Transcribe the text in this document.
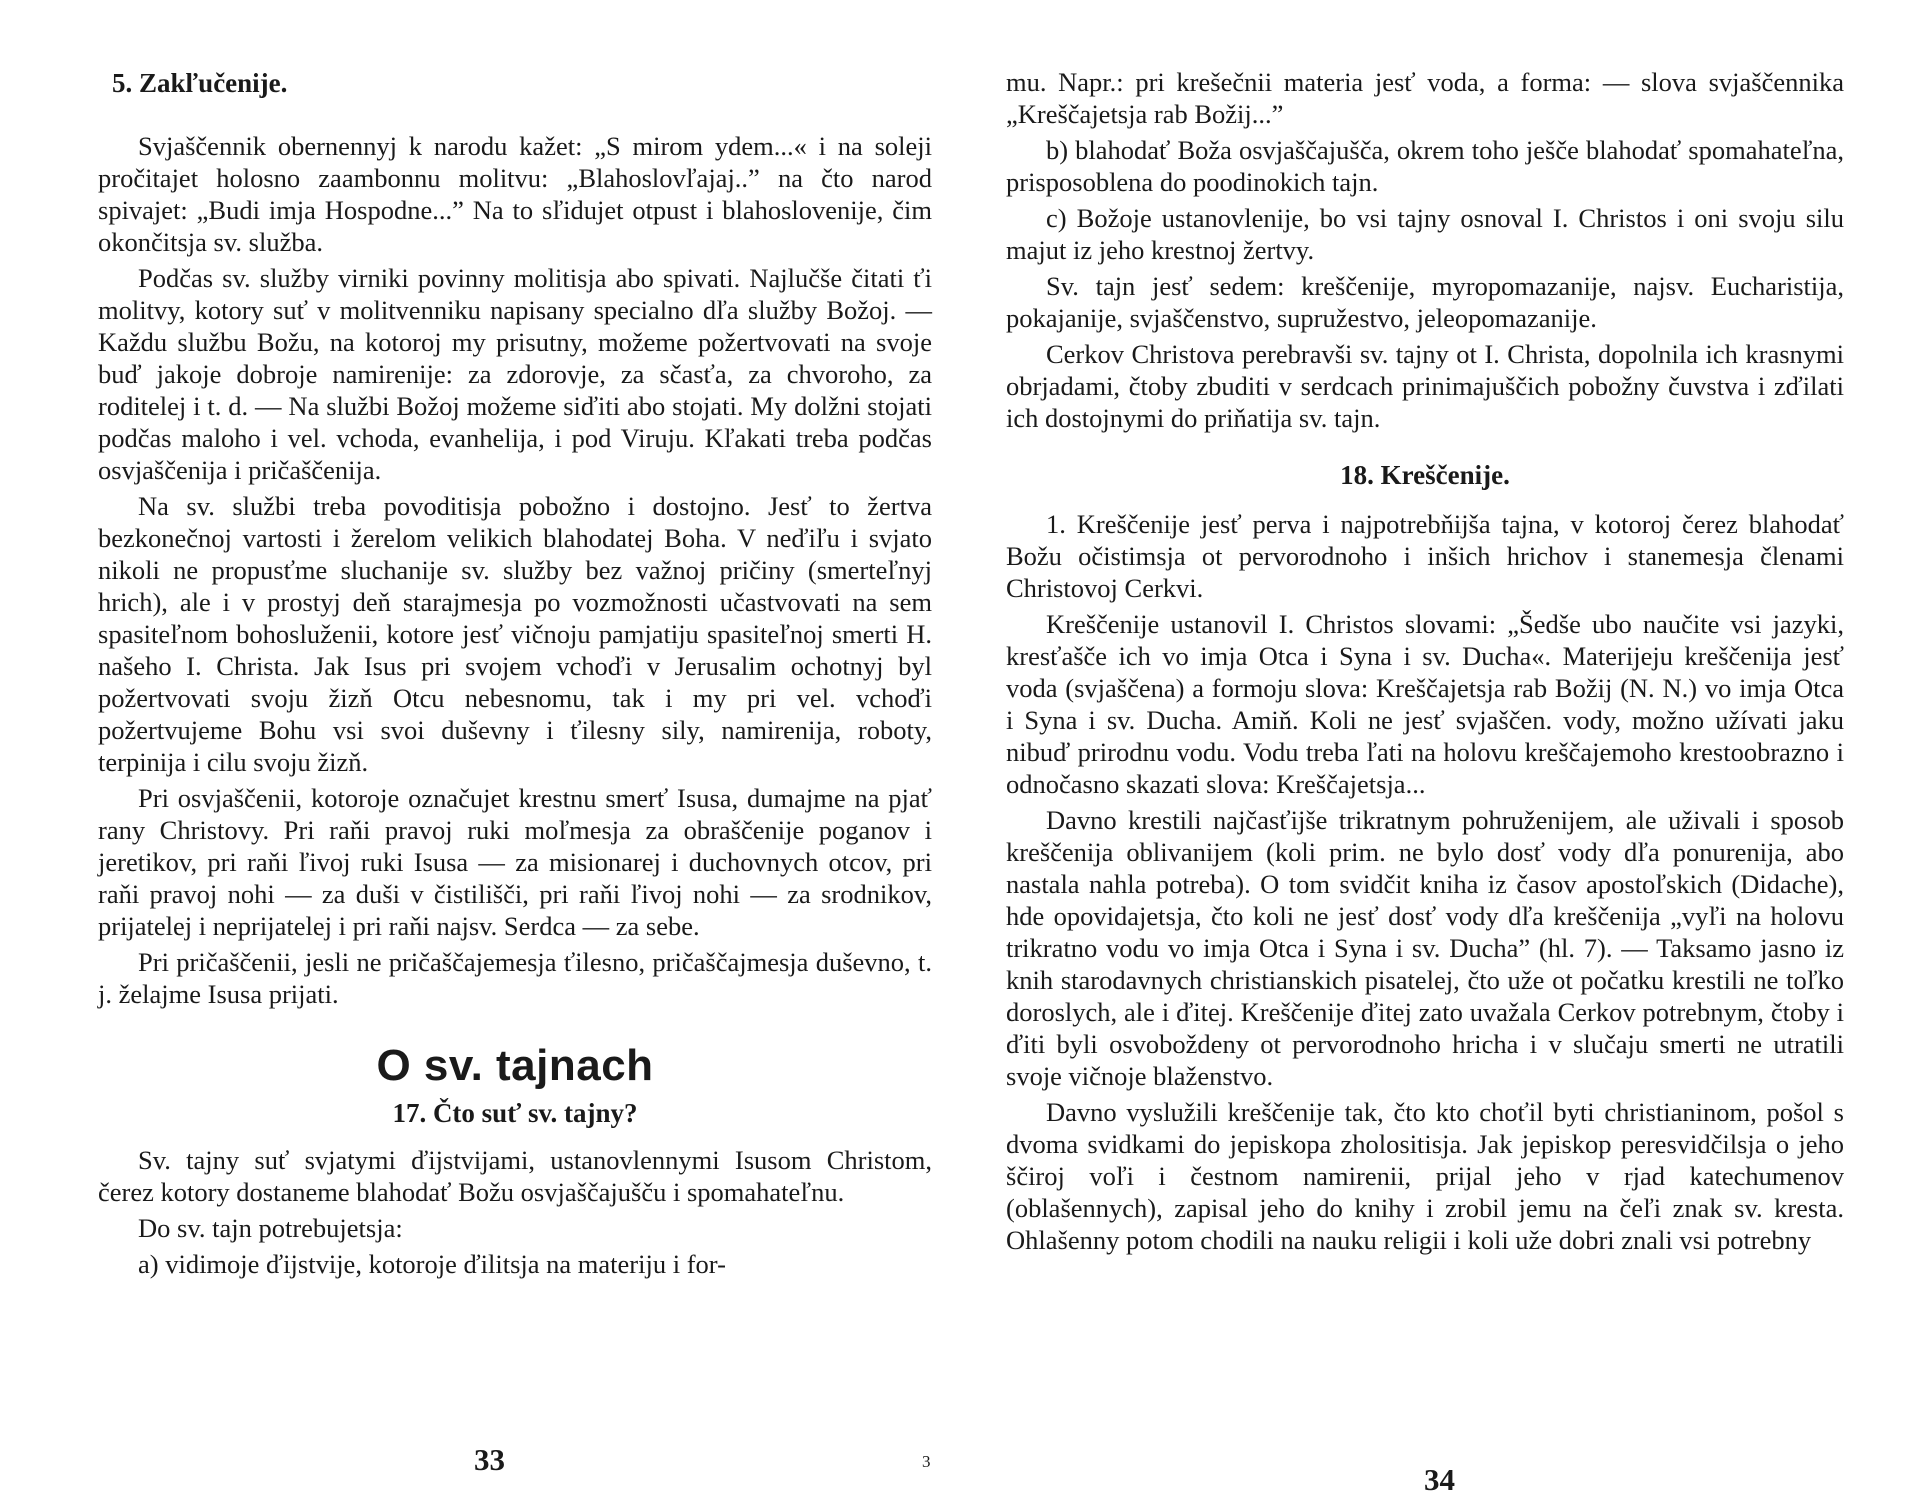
5. Zakľučenije.

Svjaščennik obernennyj k narodu kažet: „S mirom ydem...« i na soleji pročitajet holosno zaambonnu molitvu: „Blahoslovľajaj..” na čto narod spivajet: „Budi imja Hospodne...” Na to sľidujet otpust i blahoslovenije, čim okončitsja sv. služba.

Podčas sv. služby virniki povinny molitisja abo spivati. Najlučše čitati ťi molitvy, kotory suť v molitvenniku napisany specialno dľa služby Božoj. — Každu službu Božu, na kotoroj my prisutny, možeme požertvovati na svoje buď jakoje dobroje namirenije: za zdorovje, za sčasťa, za chvoroho, za roditelej i t. d. — Na službi Božoj možeme siďiti abo stojati. My dolžni stojati podčas maloho i vel. vchoda, evanhelija, i pod Viruju. Kľakati treba podčas osvjaščenija i pričaščenija.

Na sv. službi treba povoditisja pobožno i dostojno. Jesť to žertva bezkonečnoj vartosti i žerelom velikich blahodatej Boha. V neďiľu i svjato nikoli ne propusťme sluchanije sv. služby bez važnoj pričiny (smerteľnyj hrich), ale i v prostyj deň starajmesja po vozmožnosti učastvovati na sem spasiteľnom bohosluženii, kotore jesť vičnoju pamjatiju spasiteľnoj smerti H. našeho I. Christa. Jak Isus pri svojem vchoďi v Jerusalim ochotnyj byl požertvovati svoju žizň Otcu nebesnomu, tak i my pri vel. vchoďi požertvujeme Bohu vsi svoi duševny i ťilesny sily, namirenija, roboty, terpinija i cilu svoju žizň.

Pri osvjaščenii, kotoroje označujet krestnu smerť Isusa, dumajme na pjať rany Christovy. Pri raňi pravoj ruki moľmesja za obraščenije poganov i jeretikov, pri raňi ľivoj ruki Isusa — za misionarej i duchovnych otcov, pri raňi pravoj nohi — za duši v čistilišči, pri raňi ľivoj nohi — za srodnikov, prijatelej i neprijatelej i pri raňi najsv. Serdca — za sebe.

Pri pričaščenii, jesli ne pričaščajemesja ťilesno, pričaščajmesja duševno, t. j. želajme Isusa prijati.

O sv. tajnach
17. Čto suť sv. tajny?

Sv. tajny suť svjatymi ďijstvijami, ustanovlennymi Isusom Christom, čerez kotory dostaneme blahodať Božu osvjaščajušču i spomahateľnu.

Do sv. tajn potrebujetsja:

a) vidimoje ďijstvije, kotoroje ďilitsja na materiju i for-

33	3

mu. Napr.: pri krešečnii materia jesť voda, a forma: — slova svjaščennika „Kreščajetsja rab Božij...”

b) blahodať Boža osvjaščajušča, okrem toho ješče blahodať spomahateľna, prisposoblena do poodinokich tajn.

c) Božoje ustanovlenije, bo vsi tajny osnoval I. Christos i oni svoju silu majut iz jeho krestnoj žertvy.

Sv. tajn jesť sedem: kreščenije, myropomazanije, najsv. Eucharistija, pokajanije, svjaščenstvo, supružestvo, jeleopomazanije.

Cerkov Christova perebravši sv. tajny ot I. Christa, dopolnila ich krasnymi obrjadami, čtoby zbuditi v serdcach prinimajuščich pobožny čuvstva i zďilati ich dostojnymi do priňatija sv. tajn.

18. Kreščenije.

1. Kreščenije jesť perva i najpotrebňijša tajna, v kotoroj čerez blahodať Božu očistimsja ot pervorodnoho i inšich hrichov i stanemesja členami Christovoj Cerkvi.

Kreščenije ustanovil I. Christos slovami: „Šedše ubo naučite vsi jazyki, kresťašče ich vo imja Otca i Syna i sv. Ducha«. Materijeju kreščenija jesť voda (svjaščena) a formoju slova: Kreščajetsja rab Božij (N. N.) vo imja Otca i Syna i sv. Ducha. Amiň. Koli ne jesť svjaščen. vody, možno užívati jaku nibuď prirodnu vodu. Vodu treba ľati na holovu kreščajemoho krestoobrazno i odnočasno skazati slova: Kreščajetsja...

Davno krestili najčasťijše trikratnym pohruženijem, ale uživali i sposob kreščenija oblivanijem (koli prim. ne bylo dosť vody dľa ponurenija, abo nastala nahla potreba). O tom svidčit kniha iz časov apostoľskich (Didache), hde opovidajetsja, čto koli ne jesť dosť vody dľa kreščenija „vyľi na holovu trikratno vodu vo imja Otca i Syna i sv. Ducha” (hl. 7). — Taksamo jasno iz knih starodavnych christianskich pisatelej, čto uže ot počatku krestili ne toľko doroslych, ale i ďitej. Kreščenije ďitej zato uvažala Cerkov potrebnym, čtoby i ďiti byli osvoboždeny ot pervorodnoho hricha i v slučaju smerti ne utratili svoje vičnoje blaženstvo.

Davno vyslužili kreščenije tak, čto kto choťil byti christianinom, pošol s dvoma svidkami do jepiskopa zholositisja. Jak jepiskop peresvidčilsja o jeho ščiroj voľi i čestnom namirenii, prijal jeho v rjad katechumenov (oblašennych), zapisal jeho do knihy i zrobil jemu na čeľi znak sv. kresta. Ohlašenny potom chodili na nauku religii i koli uže dobri znali vsi potrebny

34
